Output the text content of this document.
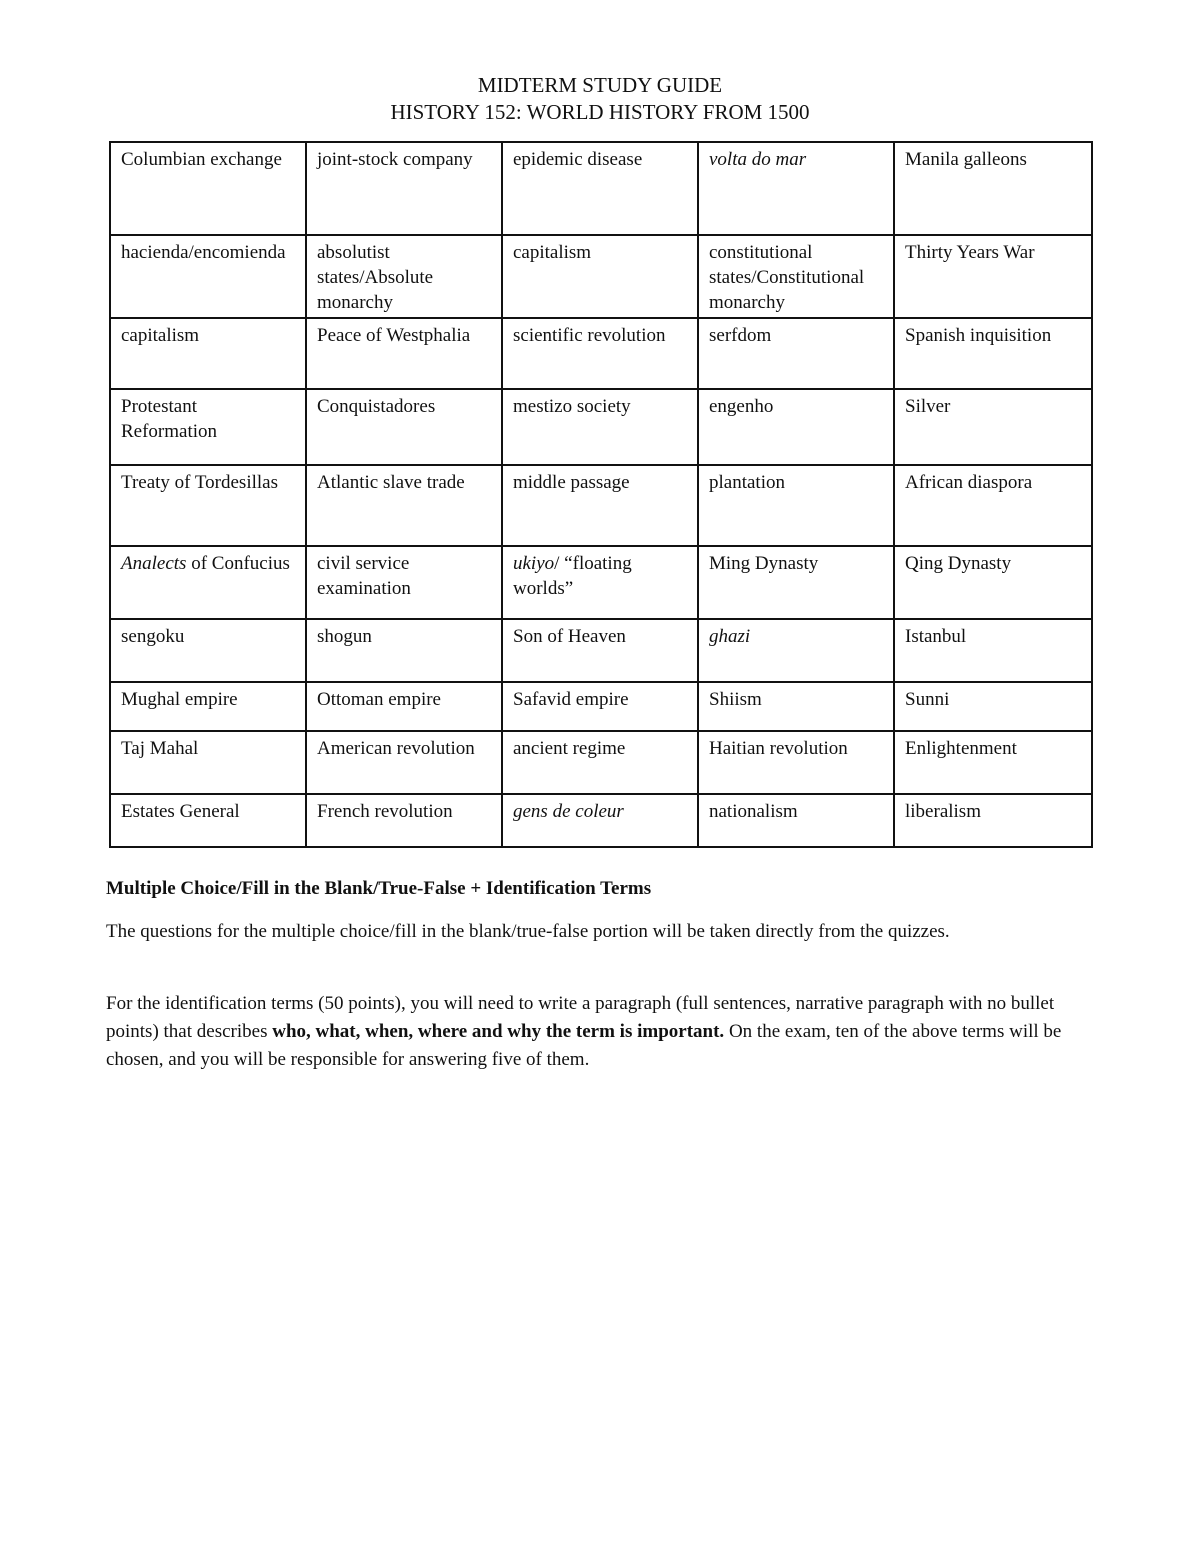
MIDTERM STUDY GUIDE
HISTORY 152: WORLD HISTORY FROM 1500
Columbian exchange	joint-stock company	epidemic disease	volta do mar	Manila galleons
hacienda/encomienda	absolutist states/Absolute monarchy	capitalism	constitutional states/Constitutional monarchy	Thirty Years War
capitalism	Peace of Westphalia	scientific revolution	serfdom	Spanish inquisition
Protestant Reformation	Conquistadores	mestizo society	engenho	Silver
Treaty of Tordesillas	Atlantic slave trade	middle passage	plantation	African diaspora
Analects of Confucius	civil service examination	ukiyo/ “floating worlds”	Ming Dynasty	Qing Dynasty
sengoku	shogun	Son of Heaven	ghazi	Istanbul
Mughal empire	Ottoman empire	Safavid empire	Shiism	Sunni
Taj Mahal	American revolution	ancient regime	Haitian revolution	Enlightenment
Estates General	French revolution	gens de coleur	nationalism	liberalism
Multiple Choice/Fill in the Blank/True-False + Identification Terms
The questions for the multiple choice/fill in the blank/true-false portion will be taken directly from the quizzes.
For the identification terms (50 points), you will need to write a paragraph (full sentences, narrative paragraph with no bullet points) that describes who, what, when, where and why the term is important. On the exam, ten of the above terms will be chosen, and you will be responsible for answering five of them.
